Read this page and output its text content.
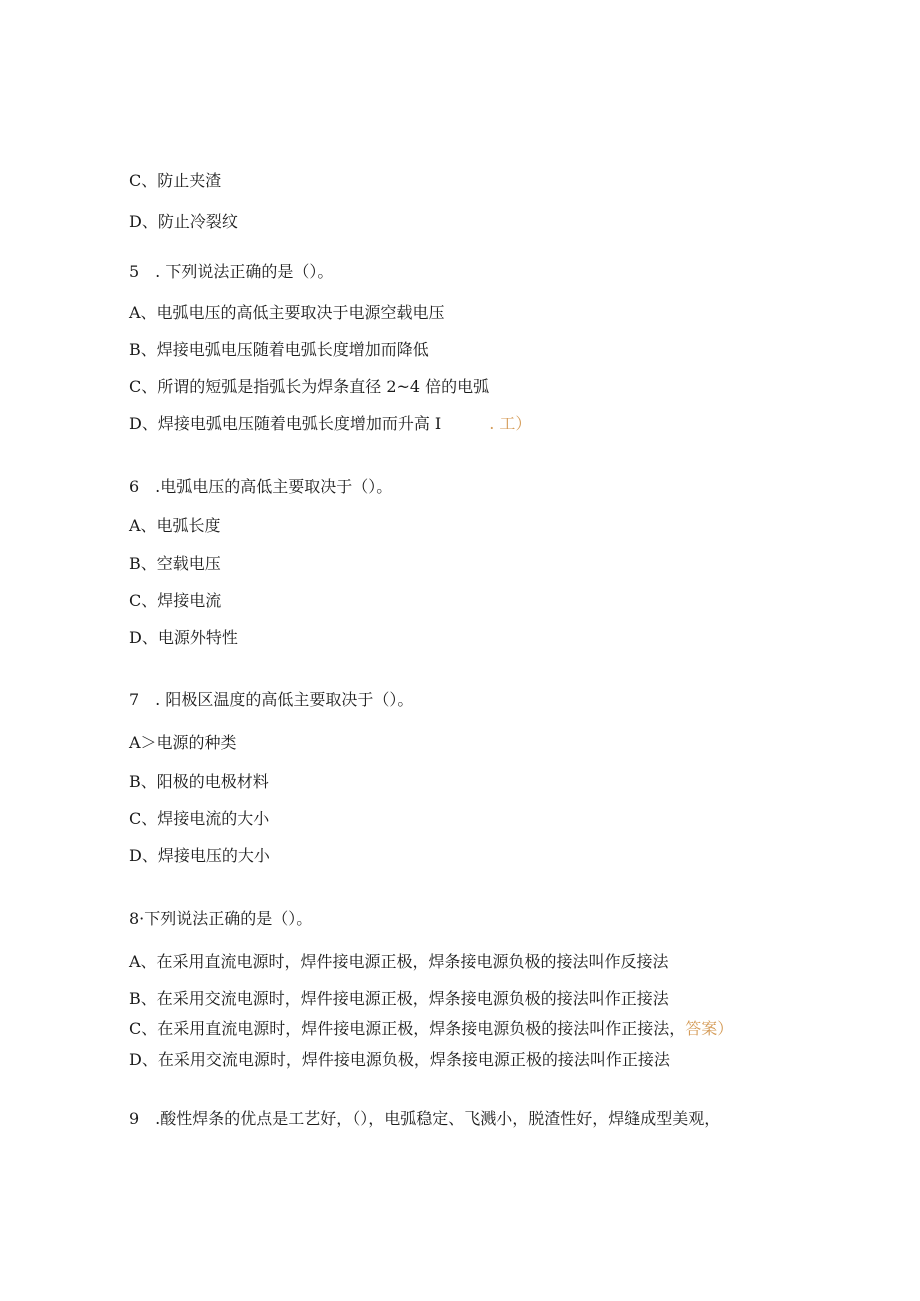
C、防止夹渣
D、防止冷裂纹
5　. 下列说法正确的是（）。
A、电弧电压的高低主要取决于电源空载电压
B、焊接电弧电压随着电弧长度增加而降低
C、所谓的短弧是指弧长为焊条直径 2~4 倍的电弧
D、焊接电弧电压随着电弧长度增加而升高 I	. 工）
6　.电弧电压的高低主要取决于（）。
A、电弧长度
B、空载电压
C、焊接电流
D、电源外特性
7　. 阳极区温度的高低主要取决于（）。
A＞电源的种类
B、阳极的电极材料
C、焊接电流的大小
D、焊接电压的大小
8·下列说法正确的是（）。
A、在采用直流电源时，焊件接电源正极，焊条接电源负极的接法叫作反接法
B、在采用交流电源时，焊件接电源正极，焊条接电源负极的接法叫作正接法
C、在采用直流电源时，焊件接电源正极，焊条接电源负极的接法叫作正接法，答案）
D、在采用交流电源时，焊件接电源负极，焊条接电源正极的接法叫作正接法
9　.酸性焊条的优点是工艺好，（），电弧稳定、飞溅小，脱渣性好，焊缝成型美观，
